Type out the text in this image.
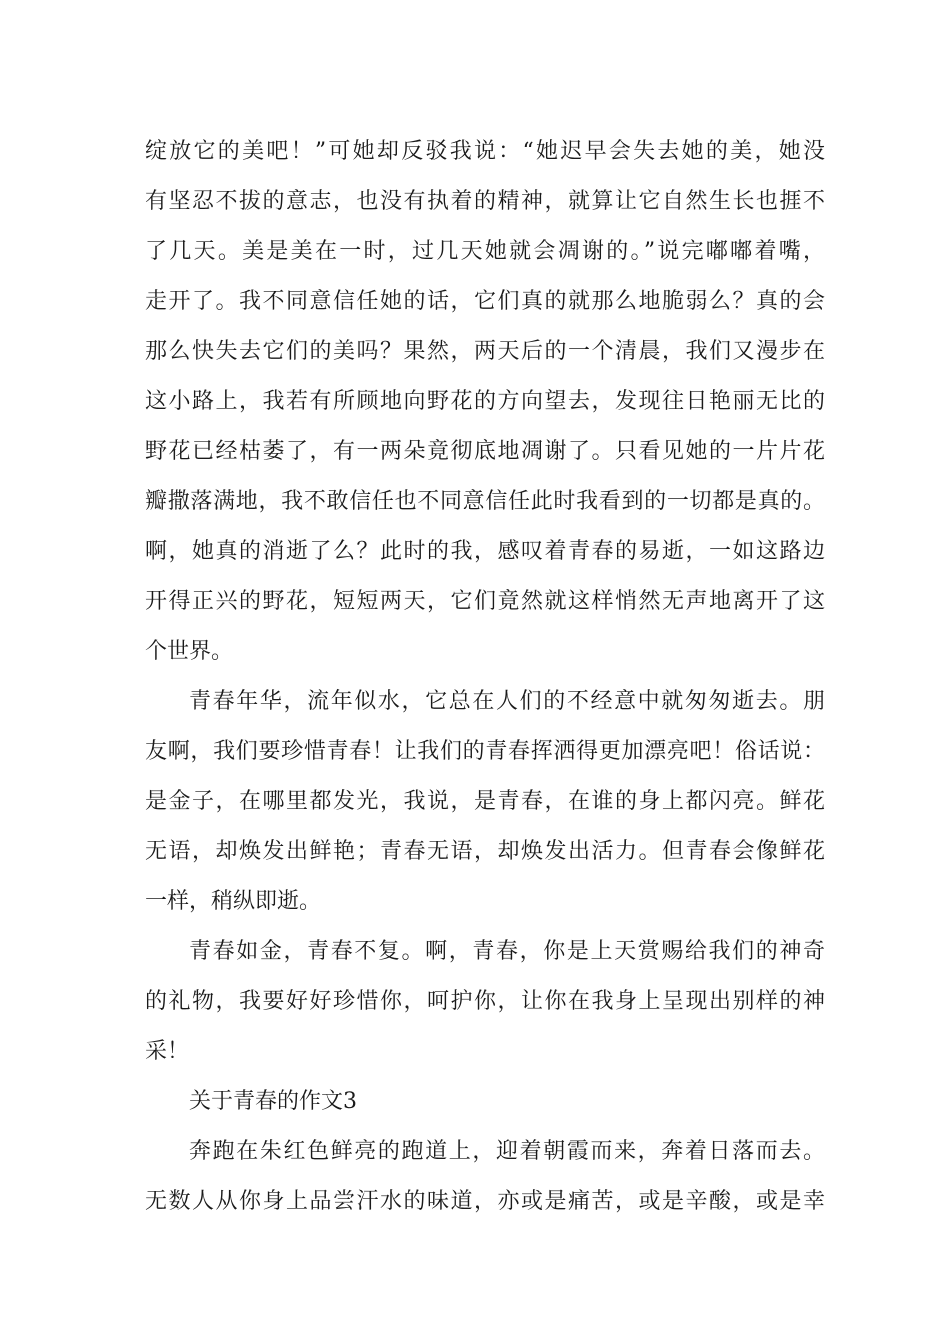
绽放它的美吧！”可她却反驳我说：“她迟早会失去她的美，她没
有坚忍不拔的意志，也没有执着的精神，就算让它自然生长也捱不
了几天。美是美在一时，过几天她就会凋谢的。”说完嘟嘟着嘴，
走开了。我不同意信任她的话，它们真的就那么地脆弱么？真的会
那么快失去它们的美吗？果然，两天后的一个清晨，我们又漫步在
这小路上，我若有所顾地向野花的方向望去，发现往日艳丽无比的
野花已经枯萎了，有一两朵竟彻底地凋谢了。只看见她的一片片花
瓣撒落满地，我不敢信任也不同意信任此时我看到的一切都是真的。
啊，她真的消逝了么？此时的我，感叹着青春的易逝，一如这路边
开得正兴的野花，短短两天，它们竟然就这样悄然无声地离开了这
个世界。
青春年华，流年似水，它总在人们的不经意中就匆匆逝去。朋
友啊，我们要珍惜青春！让我们的青春挥洒得更加漂亮吧！俗话说：
是金子，在哪里都发光，我说，是青春，在谁的身上都闪亮。鲜花
无语，却焕发出鲜艳；青春无语，却焕发出活力。但青春会像鲜花
一样，稍纵即逝。
青春如金，青春不复。啊，青春，你是上天赏赐给我们的神奇
的礼物，我要好好珍惜你，呵护你，让你在我身上呈现出别样的神
采！
关于青春的作文3
奔跑在朱红色鲜亮的跑道上，迎着朝霞而来，奔着日落而去。
无数人从你身上品尝汗水的味道，亦或是痛苦，或是辛酸，或是幸
